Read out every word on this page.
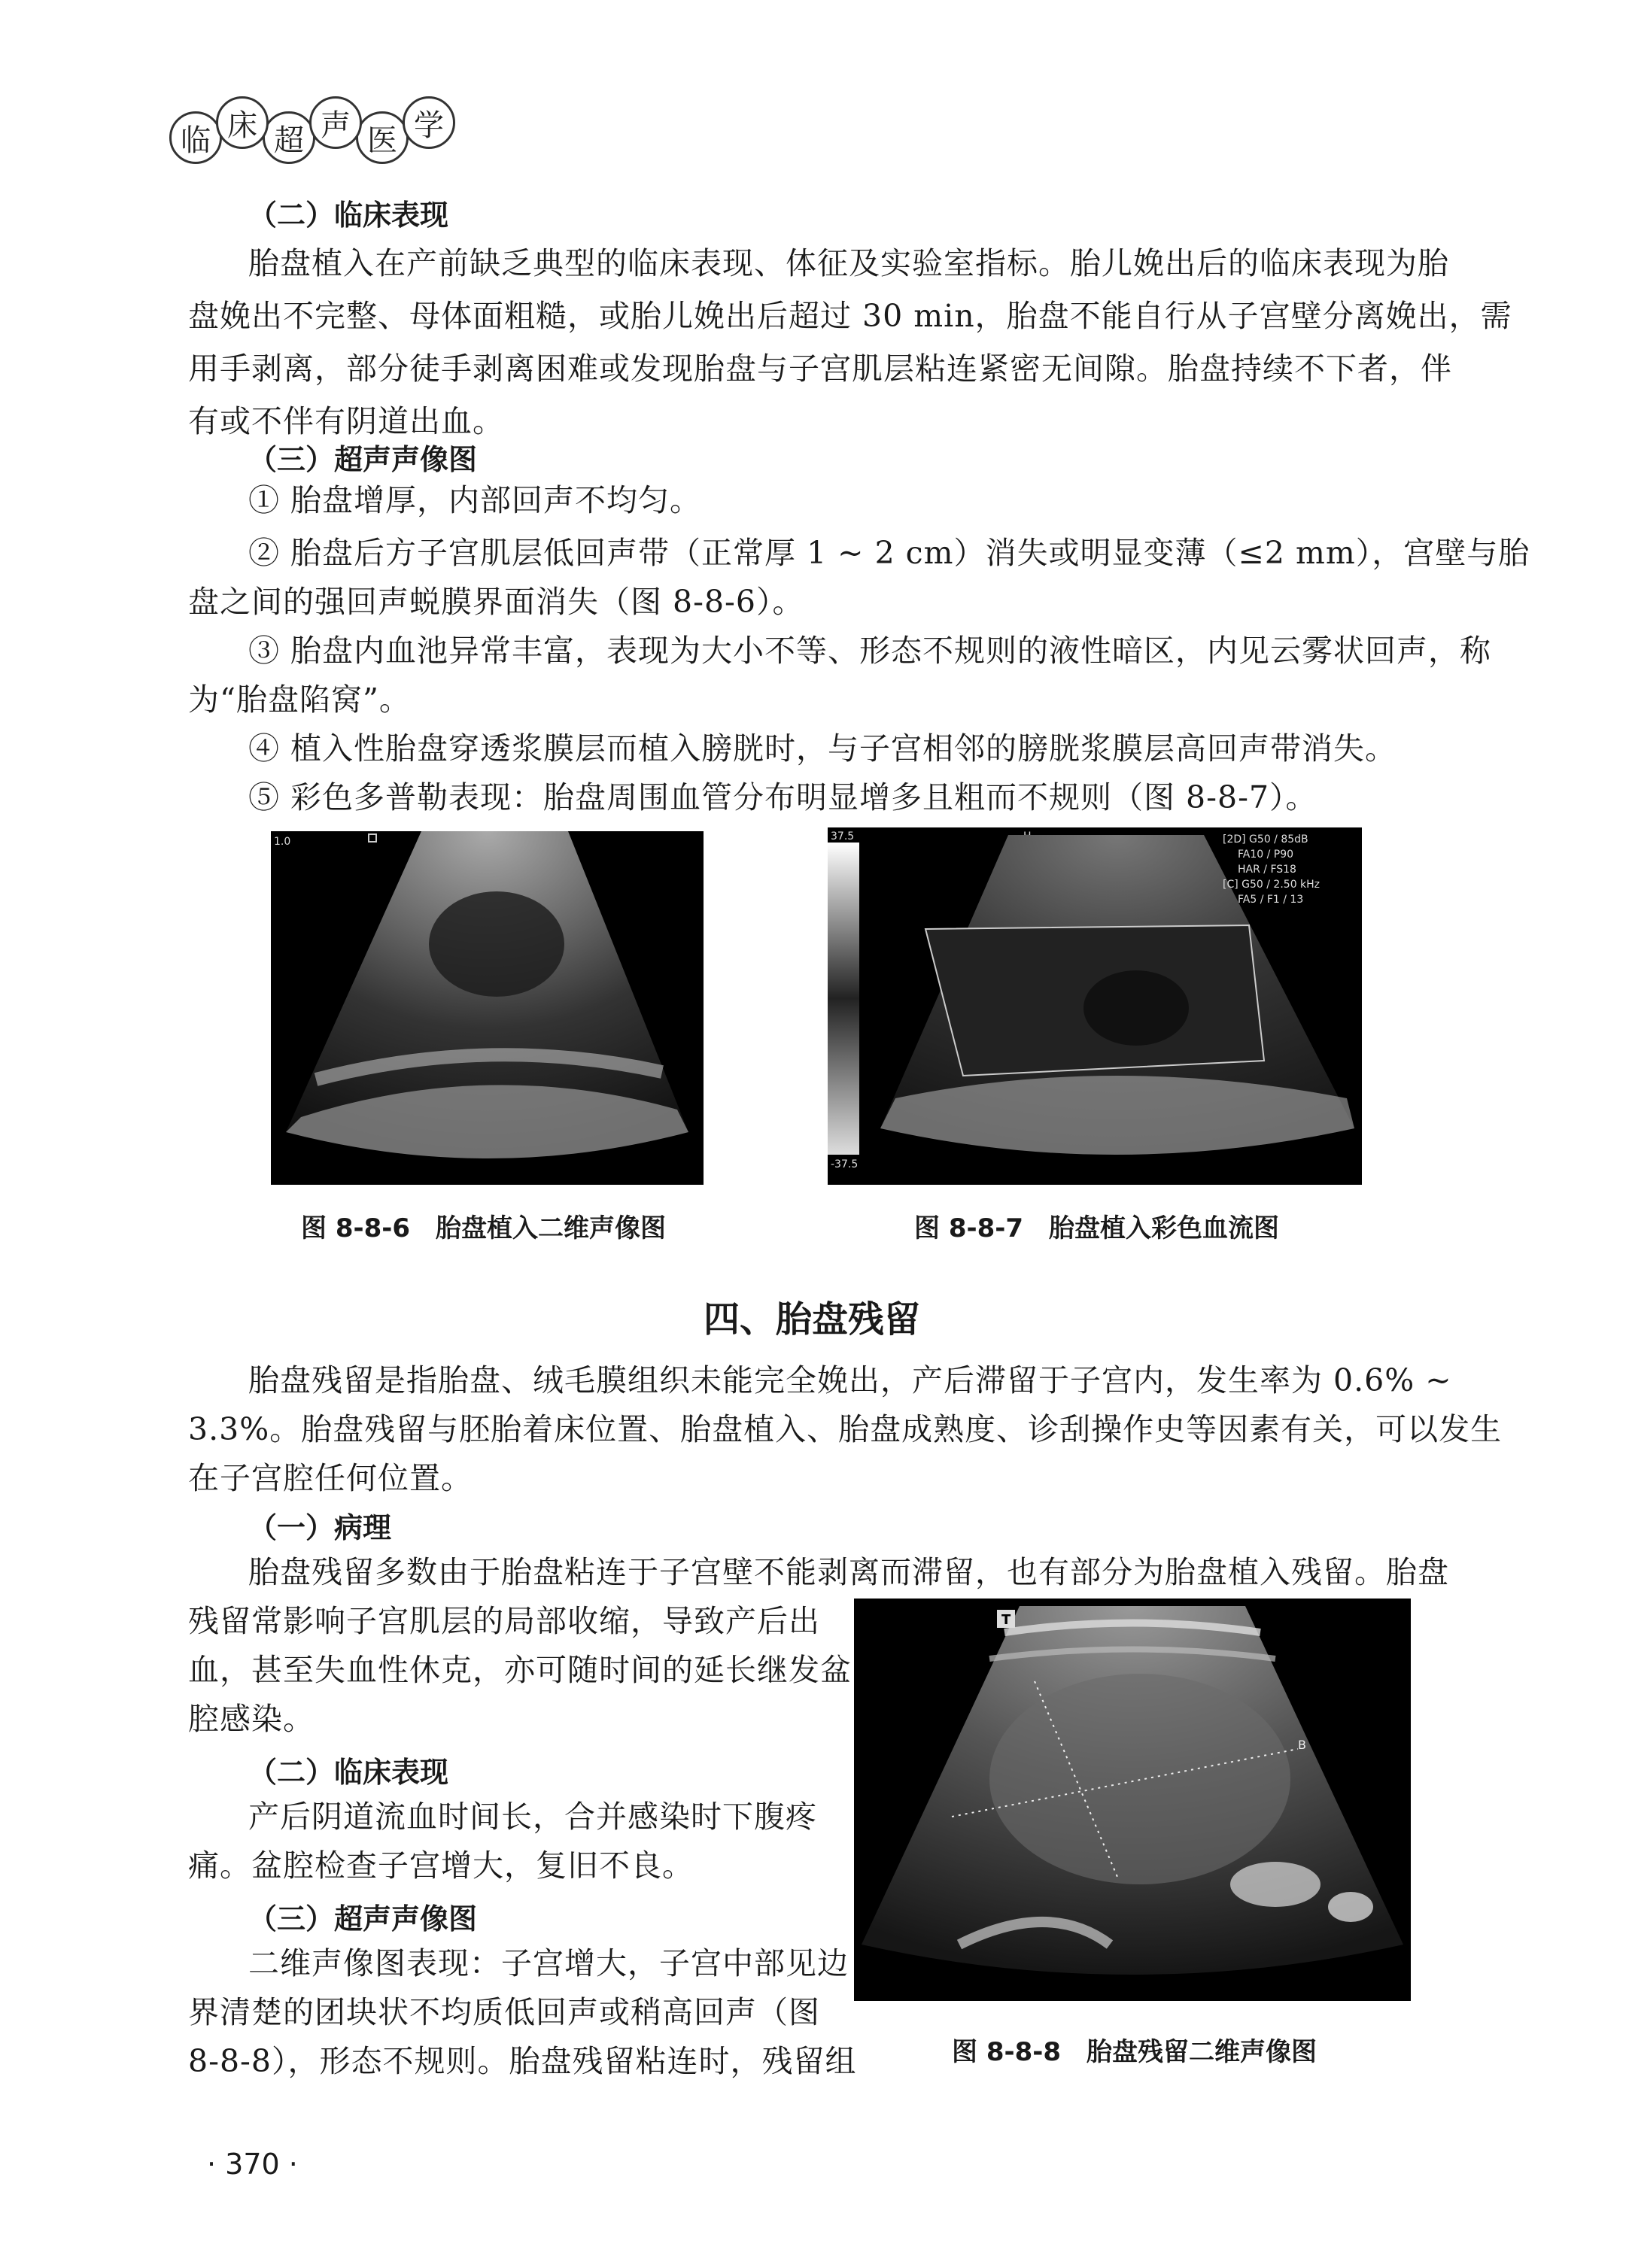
临 床 超 声 医 学
（二）临床表现
胎盘植入在产前缺乏典型的临床表现、体征及实验室指标。胎儿娩出后的临床表现为胎
盘娩出不完整、母体面粗糙，或胎儿娩出后超过 30 min，胎盘不能自行从子宫壁分离娩出，需
用手剥离，部分徒手剥离困难或发现胎盘与子宫肌层粘连紧密无间隙。胎盘持续不下者，伴
有或不伴有阴道出血。
（三）超声声像图
① 胎盘增厚，内部回声不均匀。
② 胎盘后方子宫肌层低回声带（正常厚 1 ~ 2 cm）消失或明显变薄（≤2 mm），宫壁与胎
盘之间的强回声蜕膜界面消失（图 8-8-6）。
③ 胎盘内血池异常丰富，表现为大小不等、形态不规则的液性暗区，内见云雾状回声，称
为“胎盘陷窝”。
④ 植入性胎盘穿透浆膜层而植入膀胱时，与子宫相邻的膀胱浆膜层高回声带消失。
⑤ 彩色多普勒表现：胎盘周围血管分布明显增多且粗而不规则（图 8-8-7）。
1.0
图 8-8-6　胎盘植入二维声像图
37.5
-37.5
[2D] G50 / 85dB
FA10 / P90
HAR / FS18
[C] G50 / 2.50 kHz
FA5 / F1 / 13
图 8-8-7　胎盘植入彩色血流图
四、胎盘残留
胎盘残留是指胎盘、绒毛膜组织未能完全娩出，产后滞留于子宫内，发生率为 0.6% ~
3.3%。胎盘残留与胚胎着床位置、胎盘植入、胎盘成熟度、诊刮操作史等因素有关，可以发生
在子宫腔任何位置。
（一）病理
胎盘残留多数由于胎盘粘连于子宫壁不能剥离而滞留，也有部分为胎盘植入残留。胎盘
残留常影响子宫肌层的局部收缩，导致产后出
血，甚至失血性休克，亦可随时间的延长继发盆
腔感染。
（二）临床表现
产后阴道流血时间长，合并感染时下腹疼
痛。盆腔检查子宫增大，复旧不良。
（三）超声声像图
二维声像图表现：子宫增大，子宫中部见边
界清楚的团块状不均质低回声或稍高回声（图
8-8-8），形态不规则。胎盘残留粘连时，残留组
T
B
图 8-8-8　胎盘残留二维声像图
· 370 ·
